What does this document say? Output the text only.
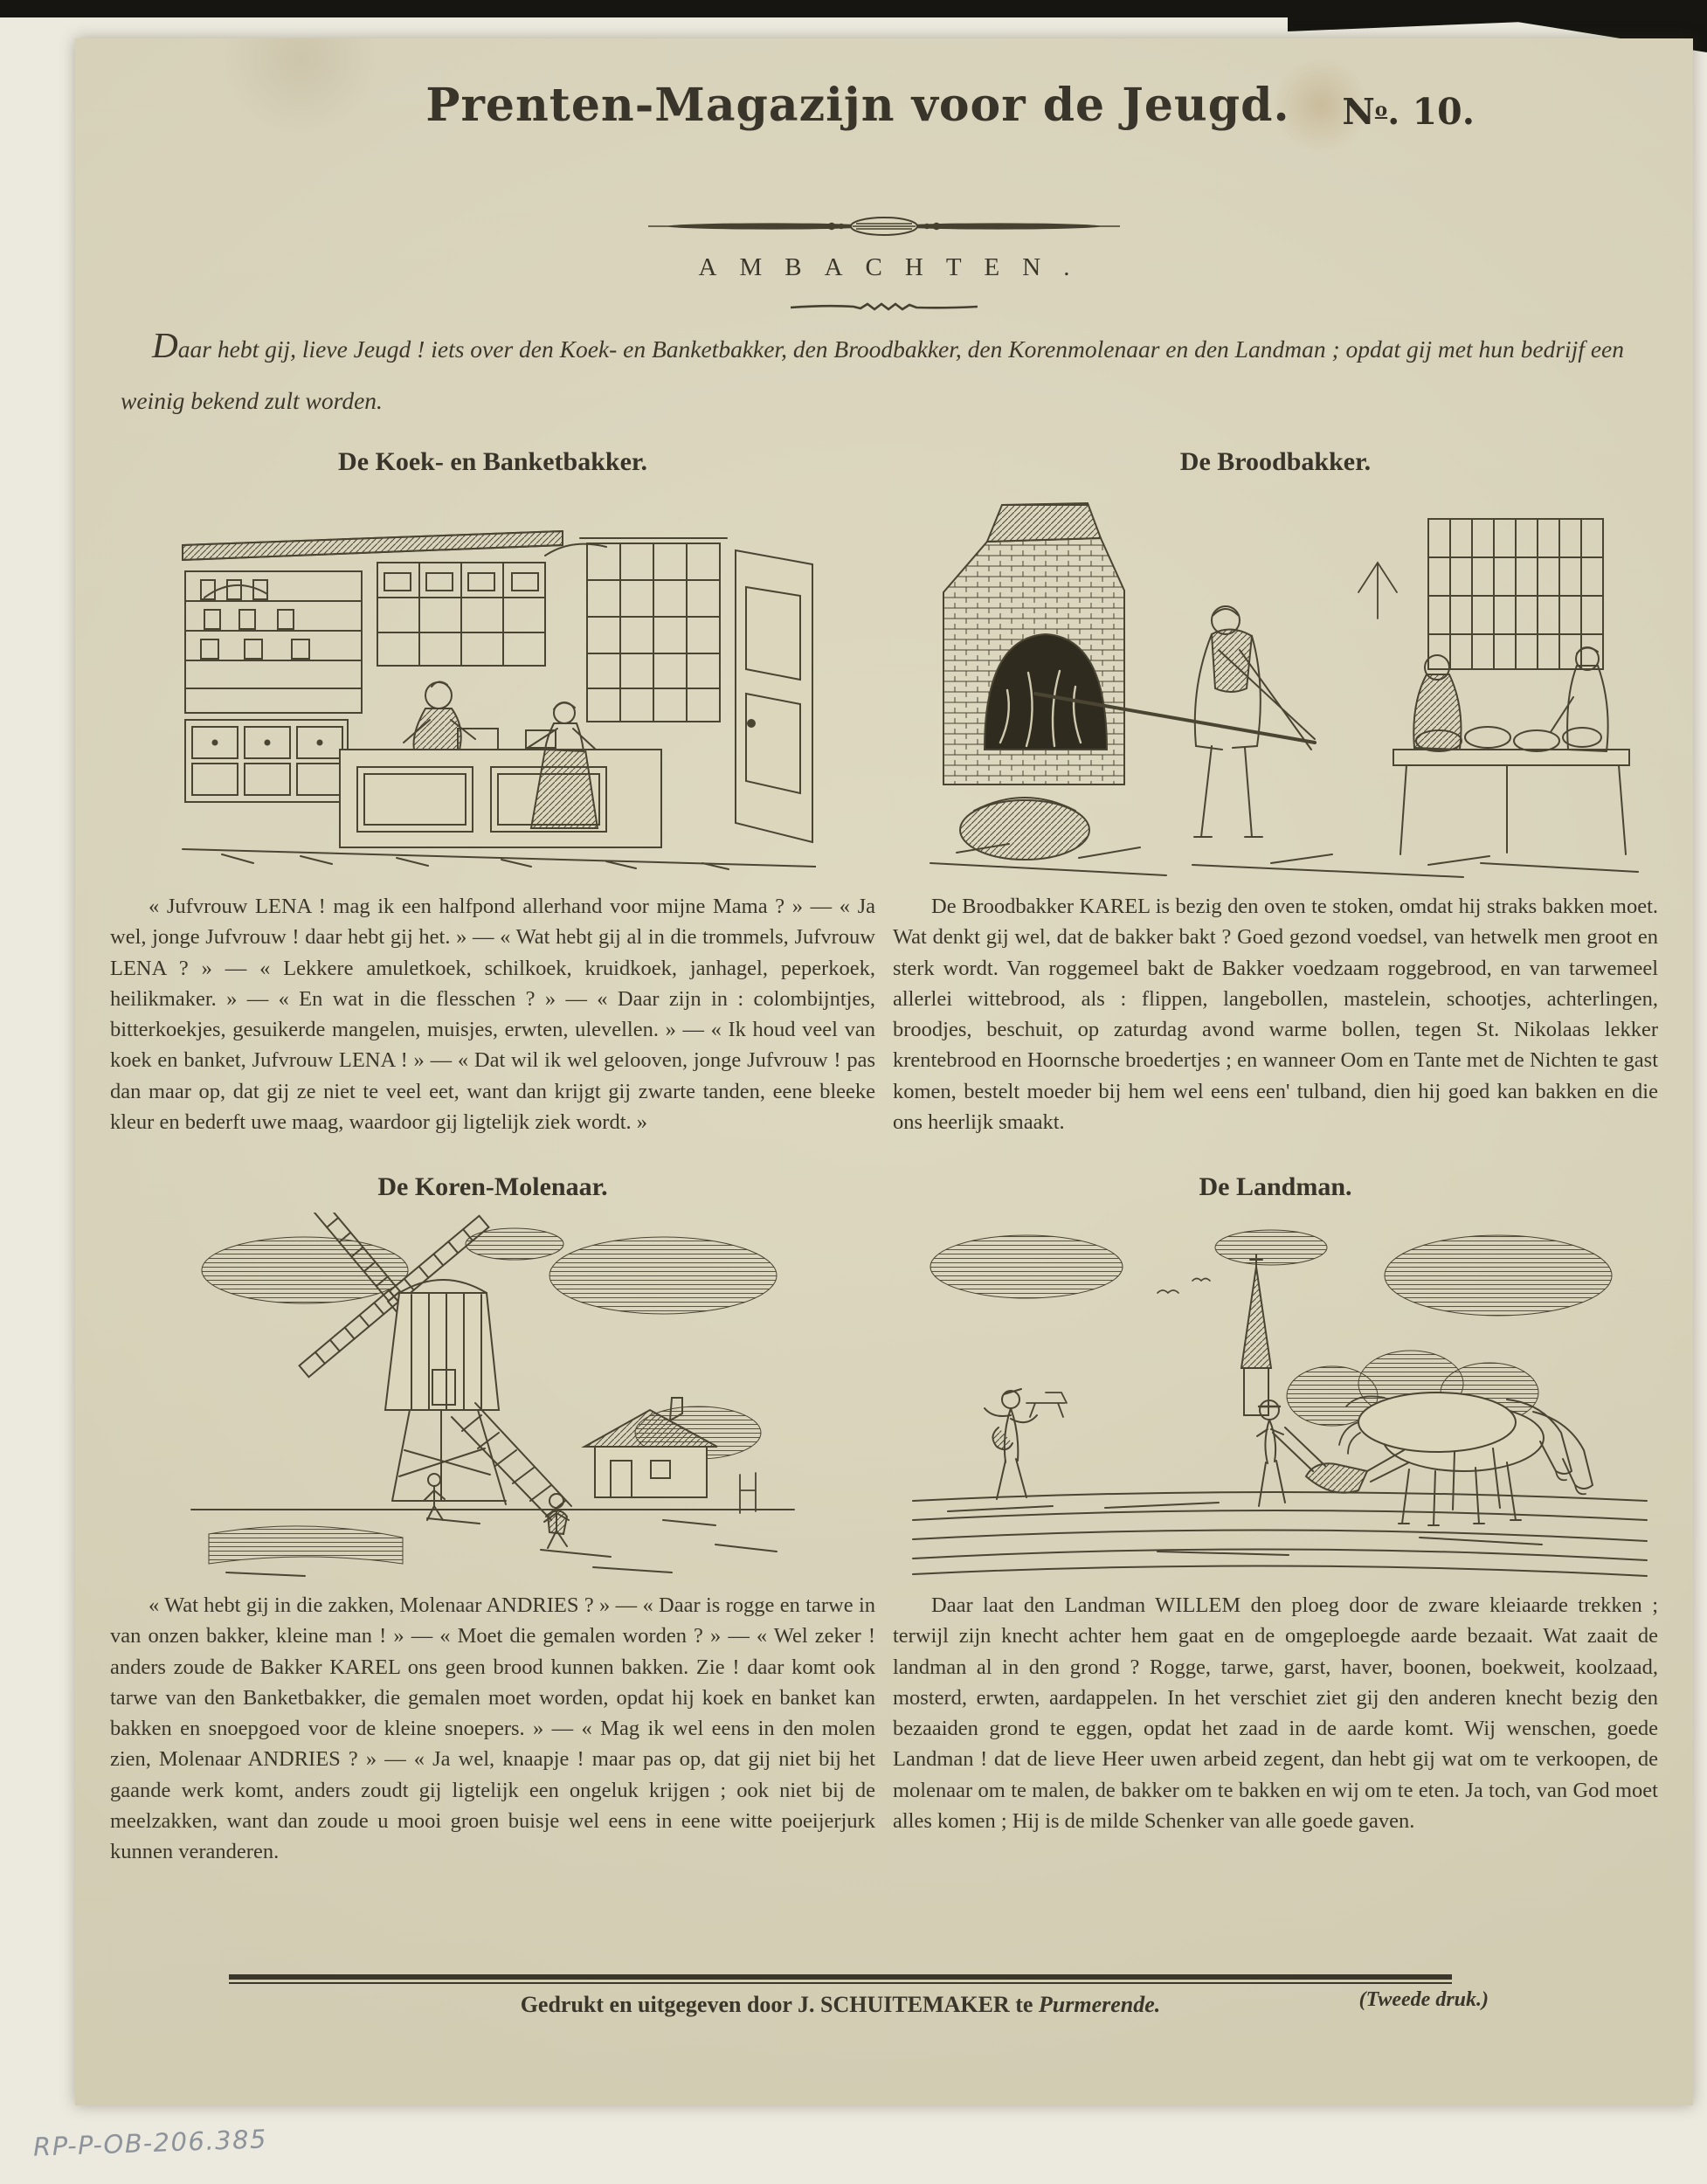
Prenten-Magazijn voor de Jeugd.	$N^o$. 10.
AMBACHTEN.

Daar hebt gij, lieve Jeugd ! iets over den Koek- en Banketbakker, den Broodbakker, den Korenmolenaar en den Landman ; opdat gij met hun bedrijf een weinig bekend zult worden.

De Koek- en Banketbakker.

« Jufvrouw LENA ! mag ik een halfpond allerhand voor mijne Mama ? » — « Ja wel, jonge Jufvrouw ! daar hebt gij het. » — « Wat hebt gij al in die trommels, Jufvrouw LENA ? » — « Lekkere amuletkoek, schilkoek, kruidkoek, janhagel, peperkoek, heilikmaker. » — « En wat in die flesschen ? » — « Daar zijn in : colombijntjes, bitterkoekjes, gesuikerde mangelen, muisjes, erwten, ulevellen. » — « Ik houd veel van koek en banket, Jufvrouw LENA ! » — « Dat wil ik wel gelooven, jonge Jufvrouw ! pas dan maar op, dat gij ze niet te veel eet, want dan krijgt gij zwarte tanden, eene bleeke kleur en bederft uwe maag, waardoor gij ligtelijk ziek wordt. »

De Broodbakker.

De Broodbakker KAREL is bezig den oven te stoken, omdat hij straks bakken moet. Wat denkt gij wel, dat de bakker bakt ? Goed gezond voedsel, van hetwelk men groot en sterk wordt. Van roggemeel bakt de Bakker voedzaam roggebrood, en van tarwemeel allerlei wittebrood, als : flippen, langebollen, mastelein, schootjes, achterlingen, broodjes, beschuit, op zaturdag avond warme bollen, tegen St. Nikolaas lekker krentebrood en Hoornsche broedertjes ; en wanneer Oom en Tante met de Nichten te gast komen, bestelt moeder bij hem wel eens een' tulband, dien hij goed kan bakken en die ons heerlijk smaakt.

De Koren-Molenaar.

« Wat hebt gij in die zakken, Molenaar ANDRIES ? » — « Daar is rogge en tarwe in van onzen bakker, kleine man ! » — « Moet die gemalen worden ? » — « Wel zeker ! anders zoude de Bakker KAREL ons geen brood kunnen bakken. Zie ! daar komt ook tarwe van den Banketbakker, die gemalen moet worden, opdat hij koek en banket kan bakken en snoepgoed voor de kleine snoepers. » — « Mag ik wel eens in den molen zien, Molenaar ANDRIES ? » — « Ja wel, knaapje ! maar pas op, dat gij niet bij het gaande werk komt, anders zoudt gij ligtelijk een ongeluk krijgen ; ook niet bij de meelzakken, want dan zoude u mooi groen buisje wel eens in eene witte poeijerjurk kunnen veranderen.

De Landman.

Daar laat den Landman WILLEM den ploeg door de zware kleiaarde trekken ; terwijl zijn knecht achter hem gaat en de omgeploegde aarde bezaait. Wat zaait de landman al in den grond ? Rogge, tarwe, garst, haver, boonen, boekweit, koolzaad, mosterd, erwten, aardappelen. In het verschiet ziet gij den anderen knecht bezig den bezaaiden grond te eggen, opdat het zaad in de aarde komt. Wij wenschen, goede Landman ! dat de lieve Heer uwen arbeid zegent, dan hebt gij wat om te verkoopen, de molenaar om te malen, de bakker om te bakken en wij om te eten. Ja toch, van God moet alles komen ; Hij is de milde Schenker van alle goede gaven.

Gedrukt en uitgegeven door J. SCHUITEMAKER te Purmerende.	(Tweede druk.)
RP-P-OB-206.385
